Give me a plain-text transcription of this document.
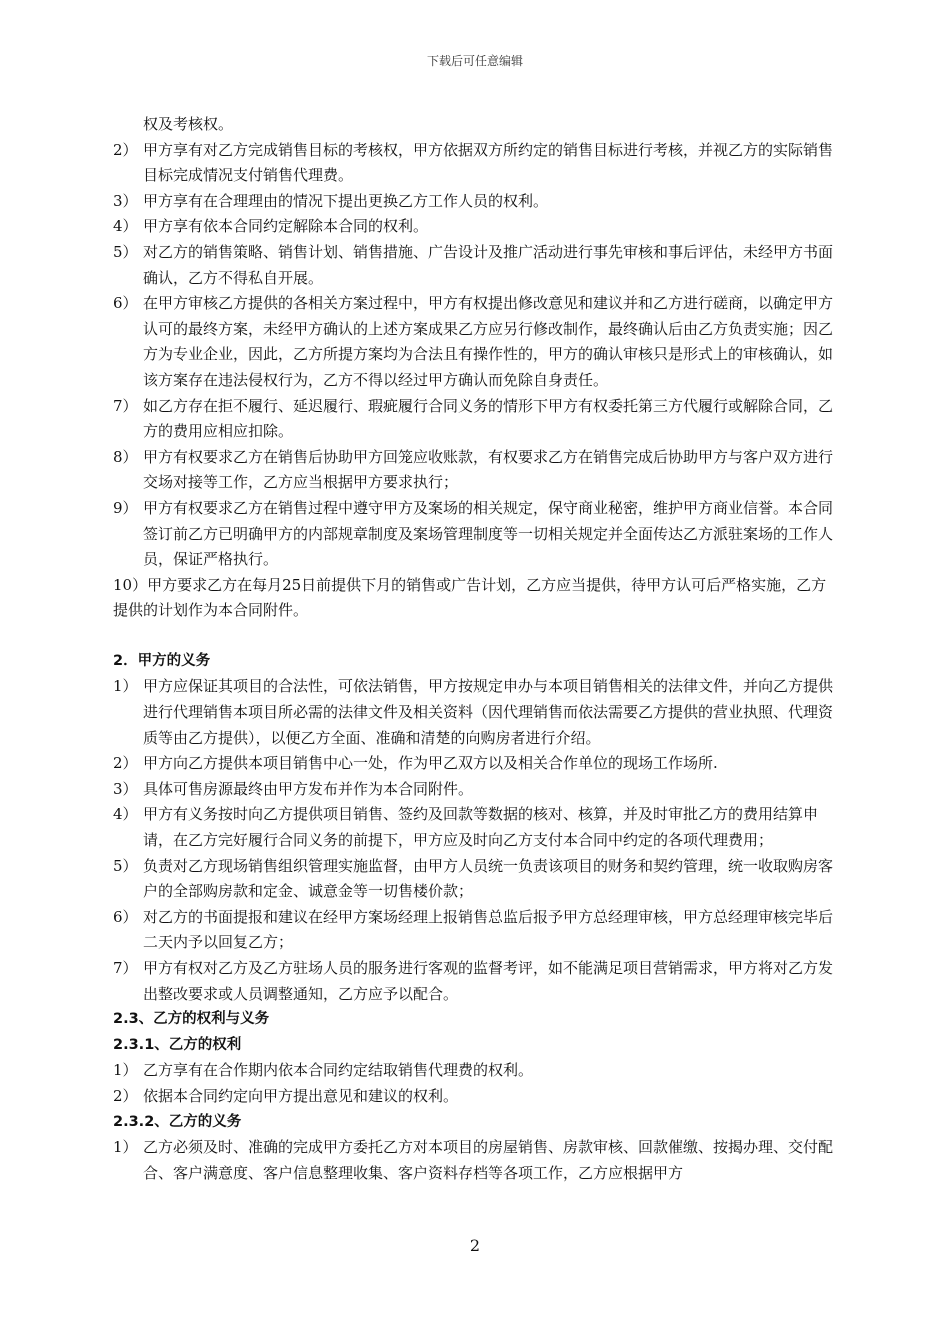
下载后可任意编辑
权及考核权。
2） 甲方享有对乙方完成销售目标的考核权，甲方依据双方所约定的销售目标进行考核，并视乙方的实际销售目标完成情况支付销售代理费。
3） 甲方享有在合理理由的情况下提出更换乙方工作人员的权利。
4） 甲方享有依本合同约定解除本合同的权利。
5） 对乙方的销售策略、销售计划、销售措施、广告设计及推广活动进行事先审核和事后评估，未经甲方书面确认，乙方不得私自开展。
6） 在甲方审核乙方提供的各相关方案过程中，甲方有权提出修改意见和建议并和乙方进行磋商，以确定甲方认可的最终方案，未经甲方确认的上述方案成果乙方应另行修改制作，最终确认后由乙方负责实施；因乙方为专业企业，因此，乙方所提方案均为合法且有操作性的，甲方的确认审核只是形式上的审核确认，如该方案存在违法侵权行为，乙方不得以经过甲方确认而免除自身责任。
7） 如乙方存在拒不履行、延迟履行、瑕疵履行合同义务的情形下甲方有权委托第三方代履行或解除合同，乙方的费用应相应扣除。
8） 甲方有权要求乙方在销售后协助甲方回笼应收账款，有权要求乙方在销售完成后协助甲方与客户双方进行交场对接等工作，乙方应当根据甲方要求执行；
9） 甲方有权要求乙方在销售过程中遵守甲方及案场的相关规定，保守商业秘密，维护甲方商业信誉。本合同签订前乙方已明确甲方的内部规章制度及案场管理制度等一切相关规定并全面传达乙方派驻案场的工作人员，保证严格执行。
10）甲方要求乙方在每月25日前提供下月的销售或广告计划，乙方应当提供，待甲方认可后严格实施，乙方提供的计划作为本合同附件。
2．甲方的义务
1） 甲方应保证其项目的合法性，可依法销售，甲方按规定申办与本项目销售相关的法律文件，并向乙方提供进行代理销售本项目所必需的法律文件及相关资料（因代理销售而依法需要乙方提供的营业执照、代理资质等由乙方提供），以便乙方全面、准确和清楚的向购房者进行介绍。
2） 甲方向乙方提供本项目销售中心一处，作为甲乙双方以及相关合作单位的现场工作场所.
3） 具体可售房源最终由甲方发布并作为本合同附件。
4） 甲方有义务按时向乙方提供项目销售、签约及回款等数据的核对、核算，并及时审批乙方的费用结算申请，在乙方完好履行合同义务的前提下，甲方应及时向乙方支付本合同中约定的各项代理费用；
5） 负责对乙方现场销售组织管理实施监督，由甲方人员统一负责该项目的财务和契约管理，统一收取购房客户的全部购房款和定金、诚意金等一切售楼价款；
6） 对乙方的书面提报和建议在经甲方案场经理上报销售总监后报予甲方总经理审核，甲方总经理审核完毕后二天内予以回复乙方；
7） 甲方有权对乙方及乙方驻场人员的服务进行客观的监督考评，如不能满足项目营销需求，甲方将对乙方发出整改要求或人员调整通知，乙方应予以配合。
2.3、乙方的权利与义务
2.3.1、乙方的权利
1） 乙方享有在合作期内依本合同约定结取销售代理费的权利。
2） 依据本合同约定向甲方提出意见和建议的权利。
2.3.2、乙方的义务
1） 乙方必须及时、准确的完成甲方委托乙方对本项目的房屋销售、房款审核、回款催缴、按揭办理、交付配合、客户满意度、客户信息整理收集、客户资料存档等各项工作，乙方应根据甲方
2
